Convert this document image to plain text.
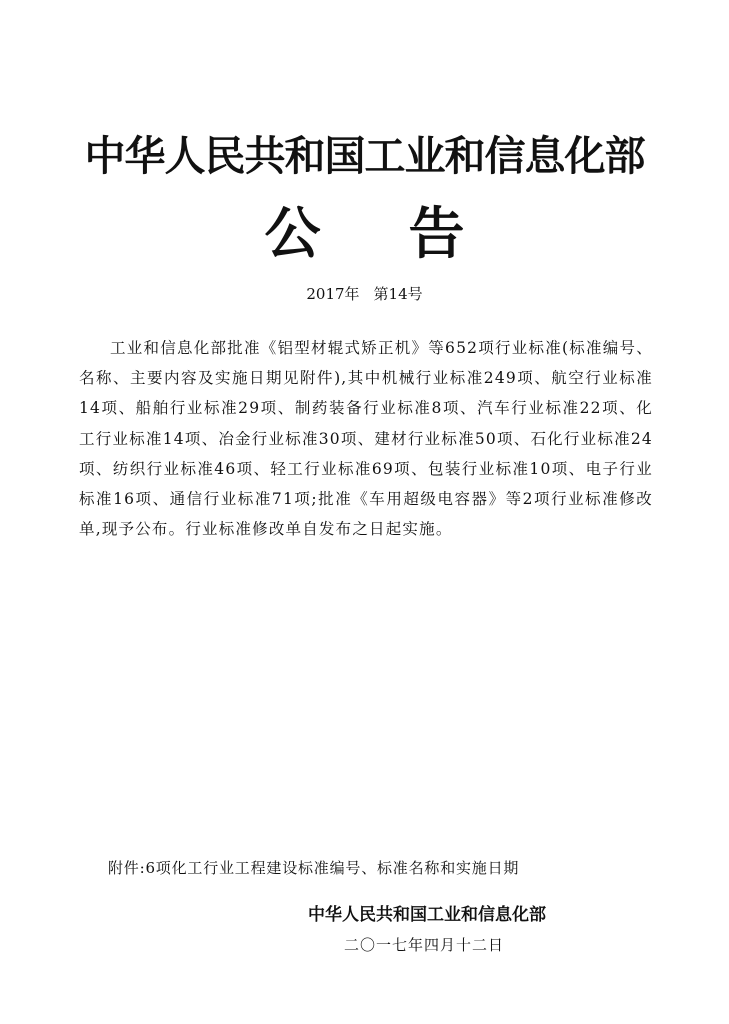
中华人民共和国工业和信息化部
公 告
2017年 第14号

工业和信息化部批准《铝型材辊式矫正机》等652项行业标准(标准编号、名称、主要内容及实施日期见附件),其中机械行业标准249项、航空行业标准14项、船舶行业标准29项、制药装备行业标准8项、汽车行业标准22项、化工行业标准14项、冶金行业标准30项、建材行业标准50项、石化行业标准24项、纺织行业标准46项、轻工行业标准69项、包装行业标准10项、电子行业标准16项、通信行业标准71项;批准《车用超级电容器》等2项行业标准修改单,现予公布。行业标准修改单自发布之日起实施。

附件:6项化工行业工程建设标准编号、标准名称和实施日期
中华人民共和国工业和信息化部
二〇一七年四月十二日
